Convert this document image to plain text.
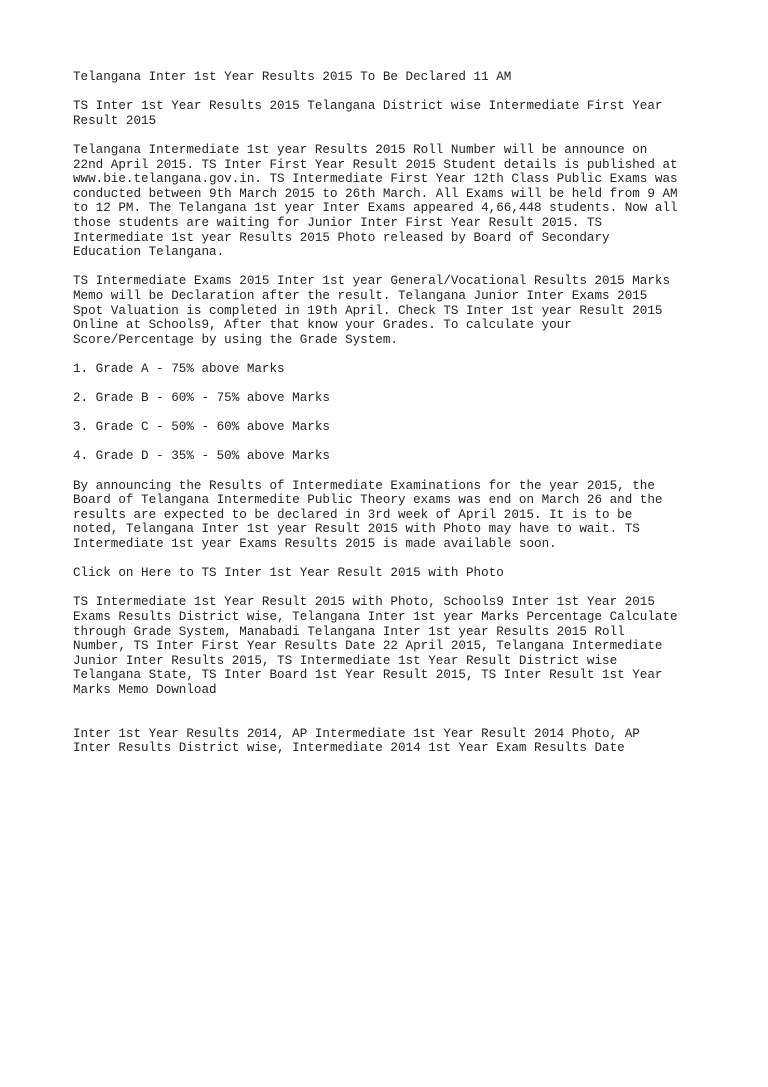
Telangana Inter 1st Year Results 2015 To Be Declared 11 AM

TS Inter 1st Year Results 2015 Telangana District wise Intermediate First Year
Result 2015

Telangana Intermediate 1st year Results 2015 Roll Number will be announce on
22nd April 2015. TS Inter First Year Result 2015 Student details is published at
www.bie.telangana.gov.in. TS Intermediate First Year 12th Class Public Exams was
conducted between 9th March 2015 to 26th March. All Exams will be held from 9 AM
to 12 PM. The Telangana 1st year Inter Exams appeared 4,66,448 students. Now all
those students are waiting for Junior Inter First Year Result 2015. TS
Intermediate 1st year Results 2015 Photo released by Board of Secondary
Education Telangana.

TS Intermediate Exams 2015 Inter 1st year General/Vocational Results 2015 Marks
Memo will be Declaration after the result. Telangana Junior Inter Exams 2015
Spot Valuation is completed in 19th April. Check TS Inter 1st year Result 2015
Online at Schools9, After that know your Grades. To calculate your
Score/Percentage by using the Grade System.

1. Grade A - 75% above Marks

2. Grade B - 60% - 75% above Marks

3. Grade C - 50% - 60% above Marks

4. Grade D - 35% - 50% above Marks

By announcing the Results of Intermediate Examinations for the year 2015, the
Board of Telangana Intermedite Public Theory exams was end on March 26 and the
results are expected to be declared in 3rd week of April 2015. It is to be
noted, Telangana Inter 1st year Result 2015 with Photo may have to wait. TS
Intermediate 1st year Exams Results 2015 is made available soon.

Click on Here to TS Inter 1st Year Result 2015 with Photo

TS Intermediate 1st Year Result 2015 with Photo, Schools9 Inter 1st Year 2015
Exams Results District wise, Telangana Inter 1st year Marks Percentage Calculate
through Grade System, Manabadi Telangana Inter 1st year Results 2015 Roll
Number, TS Inter First Year Results Date 22 April 2015, Telangana Intermediate
Junior Inter Results 2015, TS Intermediate 1st Year Result District wise
Telangana State, TS Inter Board 1st Year Result 2015, TS Inter Result 1st Year
Marks Memo Download

Inter 1st Year Results 2014, AP Intermediate 1st Year Result 2014 Photo, AP
Inter Results District wise, Intermediate 2014 1st Year Exam Results Date
